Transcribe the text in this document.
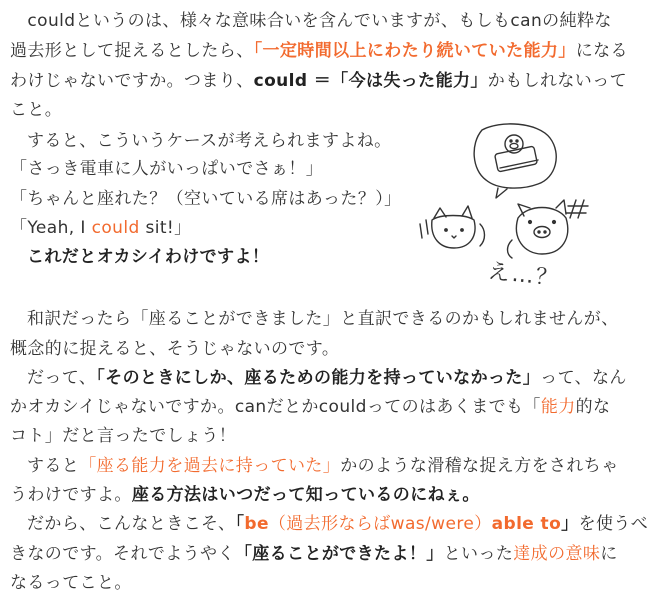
　couldというのは、様々な意味合いを含んでいますが、もしもcanの純粋な
過去形として捉えるとしたら、「一定時間以上にわたり続いていた能力」になる
わけじゃないですか。つまり、could ＝「今は失った能力」かもしれないって
こと。
すると、こういうケースが考えられますよね。
「さっき電車に人がいっぱいでさぁ！」
「ちゃんと座れた？（空いている席はあった？）」
「Yeah, I could sit!」
これだとオカシイわけですよ！
和訳だったら「座ることができました」と直訳できるのかもしれませんが、
概念的に捉えると、そうじゃないのです。
だって、「そのときにしか、座るための能力を持っていなかった」って、なん
かオカシイじゃないですか。canだとかcouldってのはあくまでも「能力的な
コト」だと言ったでしょう！
すると「座る能力を過去に持っていた」かのような滑稽な捉え方をされちゃ
うわけですよ。座る方法はいつだって知っているのにねぇ。
だから、こんなときこそ、「be（過去形ならばwas/were）able to」を使うべ
きなのです。それでようやく「座ることができたよ！」といった達成の意味に
なるってこと。
え…？
